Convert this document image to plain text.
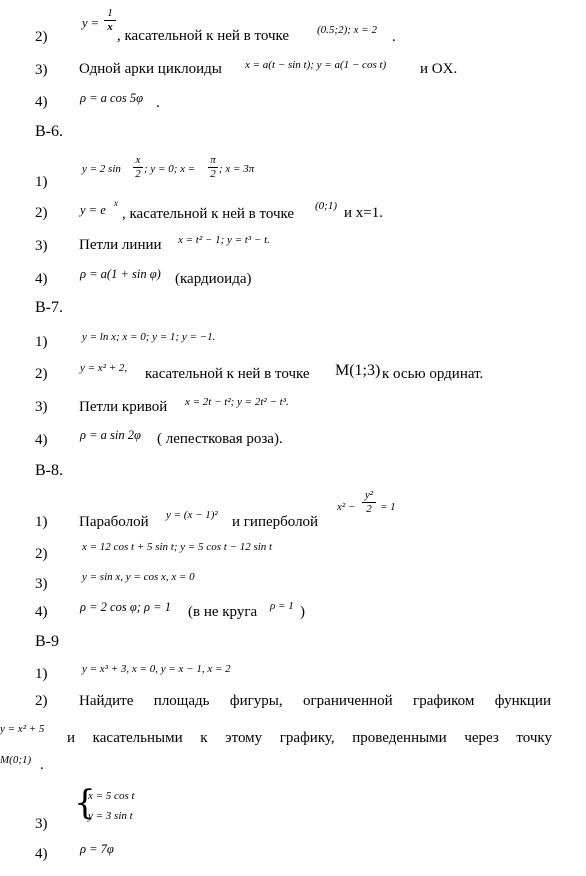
2)
y =
1
x
, касательной к ней в точке	(0.5;2); x = 2 .
3) Одной арки циклоиды x = a(t − sin t); y = a(1 − cos t) и OX.
4)	ρ = a cos 5φ .
В-6.
1)
y = 2 sin
x
2 ; y = 0; x =
π
2 ; x = 3π
2)	y = e x
, касательной к ней в точке (0;1) и x=1.
3) Петли линии x = t² − 1; y = t³ − t.
4)	ρ = a(1 + sin φ) (кардиоида)
В-7.
1)	y = ln x; x = 0; y = 1; y = −1.
2)	y = x² + 2, касательной к ней в точке M(1;3) к осью ординат.
3) Петли кривой x = 2t − t²; y = 2t² − t³.
4)	ρ = a sin 2φ ( лепестковая роза).
В-8.
1) Параболой y = (x − 1)² и гиперболой
x² −
y²
2 = 1
2)	x = 12 cos t + 5 sin t; y = 5 cos t − 12 sin t
3)	y = sin x, y = cos x, x = 0
4)	ρ = 2 cos φ; ρ = 1 (в не круга ρ = 1 )
В-9
1)	y = x³ + 3, x = 0, y = x − 1, x = 2
2) Найдите площадь фигуры, ограниченной графиком функции
y = x² + 5
и касательными к этому графику, проведенными через точку
M(0;1) .
3)
{
x = 5 cos t
y = 3 sin t
4)	ρ = 7φ
